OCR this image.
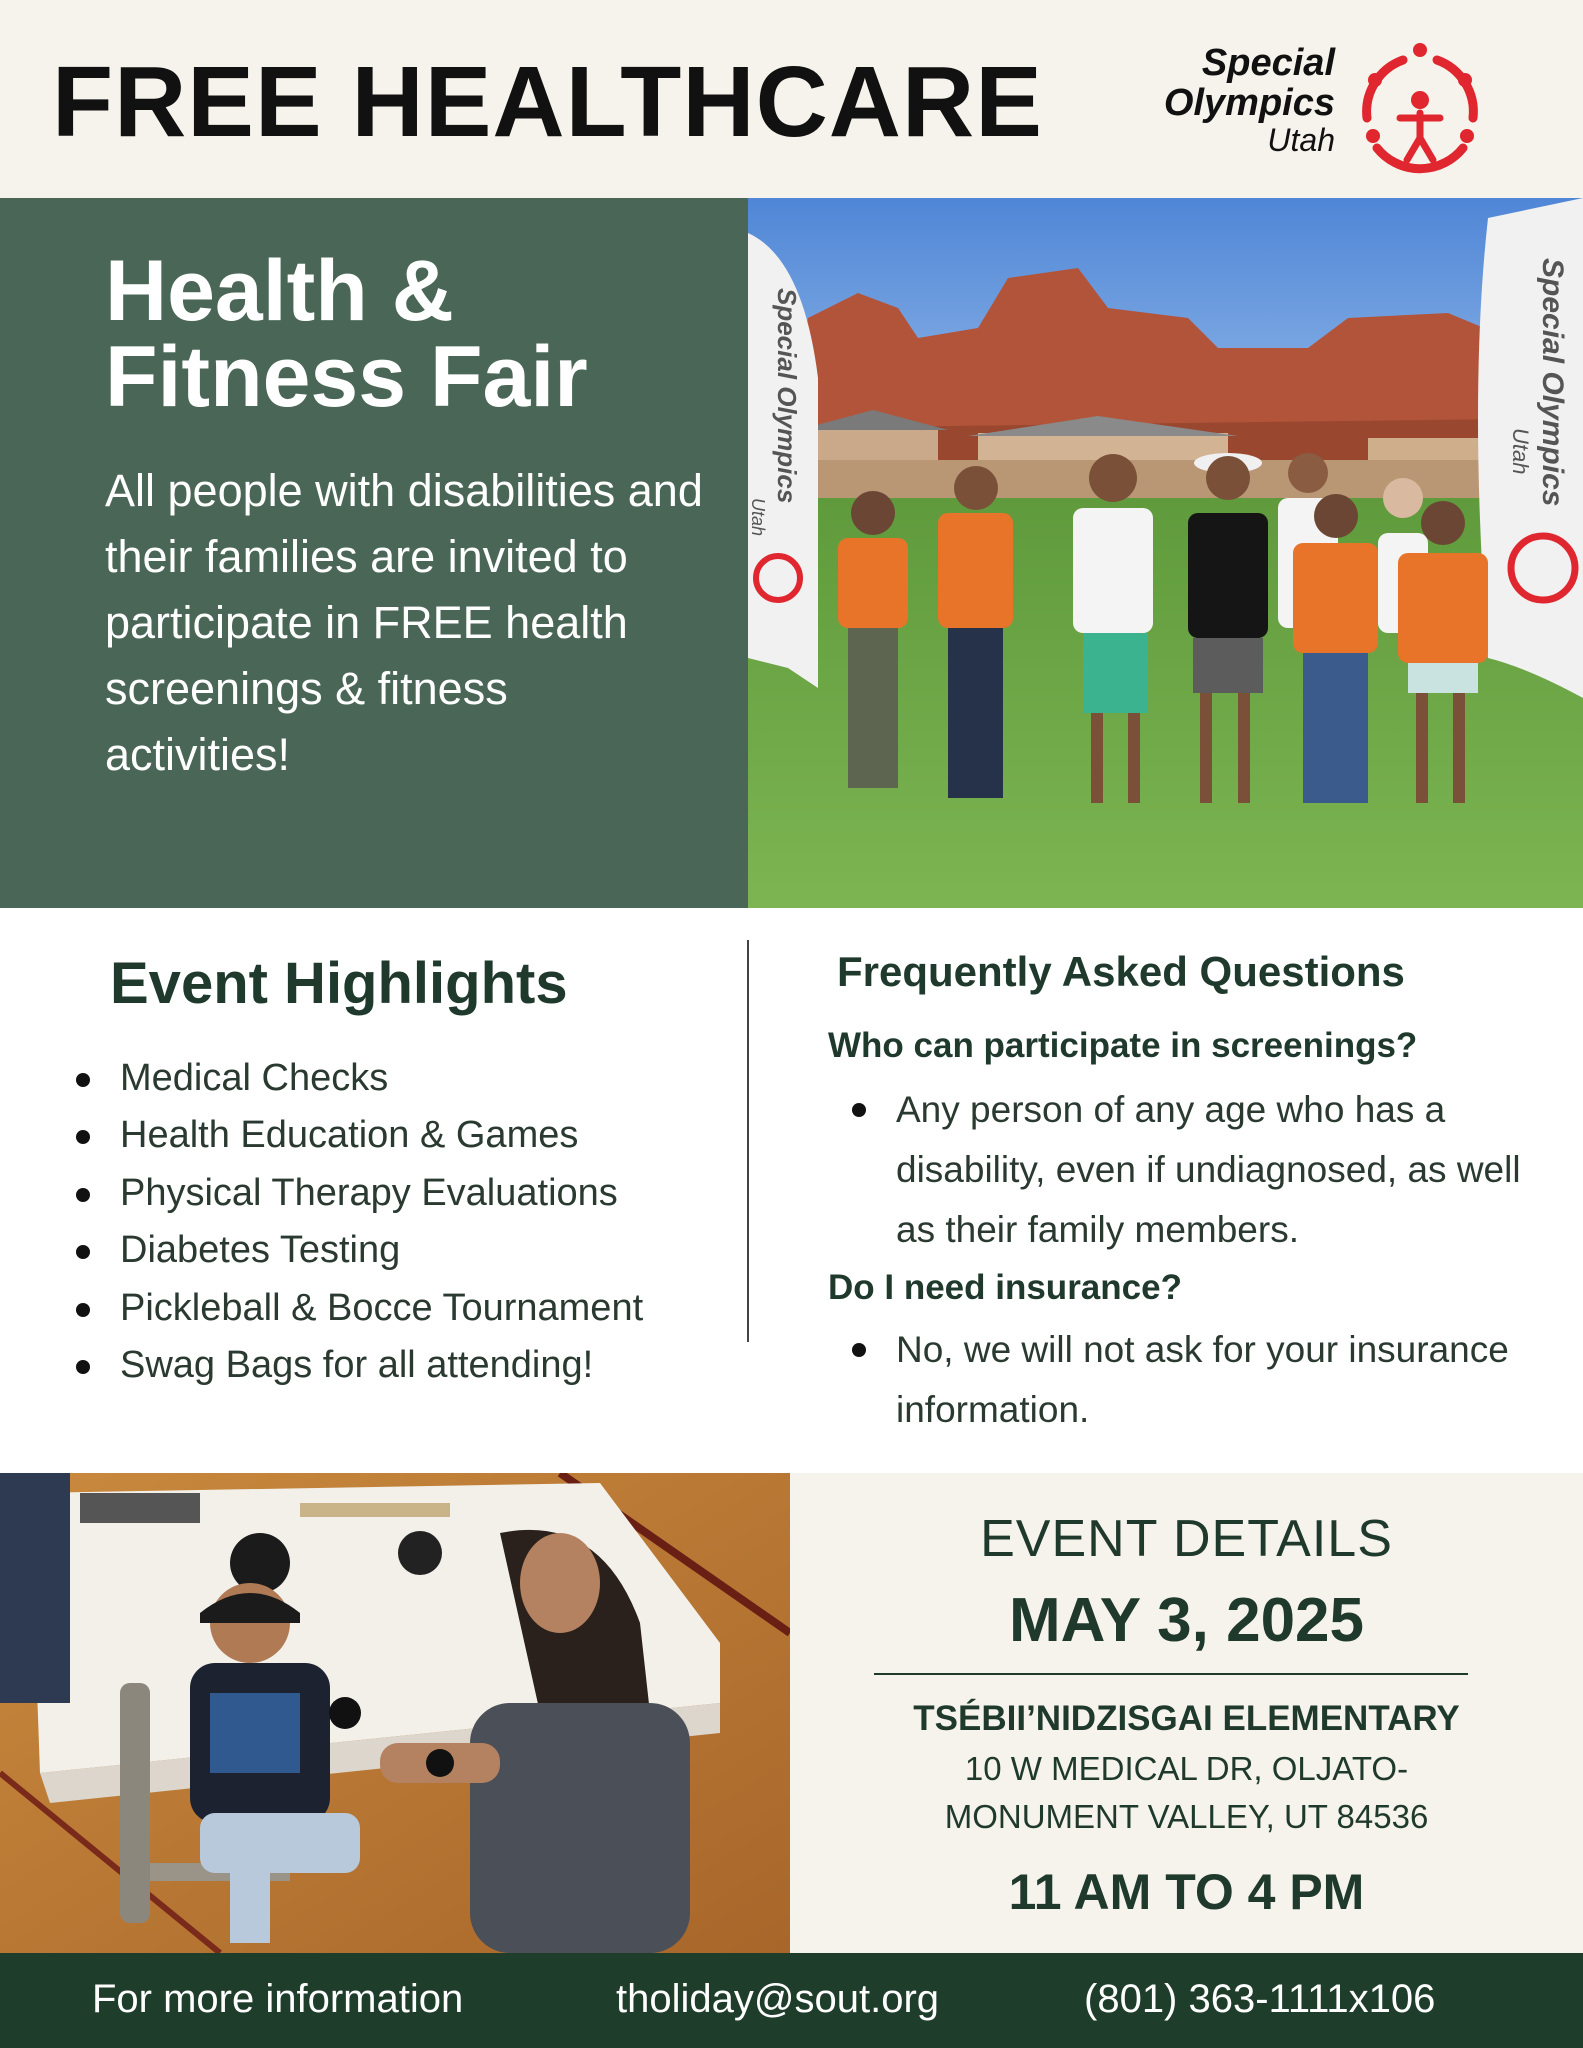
FREE HEALTHCARE	Special
Olympics
Utah
Health &
Fitness Fair
All people with disabilities and their families are invited to participate in FREE health screenings & fitness activities!
Special Olympics
Utah
Special Olympics
Utah
Event Highlights
Medical Checks
Health Education & Games
Physical Therapy Evaluations
Diabetes Testing
Pickleball & Bocce Tournament
Swag Bags for all attending!
Frequently Asked Questions
Who can participate in screenings?
Any person of any age who has a disability, even if undiagnosed, as well as their family members.
Do I need insurance?
No, we will not ask for your insurance information.
EVENT DETAILS
MAY 3, 2025
TSÉBII’NIDZISGAI ELEMENTARY
10 W MEDICAL DR, OLJATO-
MONUMENT VALLEY, UT 84536
11 AM TO 4 PM
For more information	tholiday@sout.org	(801) 363-1111x106
